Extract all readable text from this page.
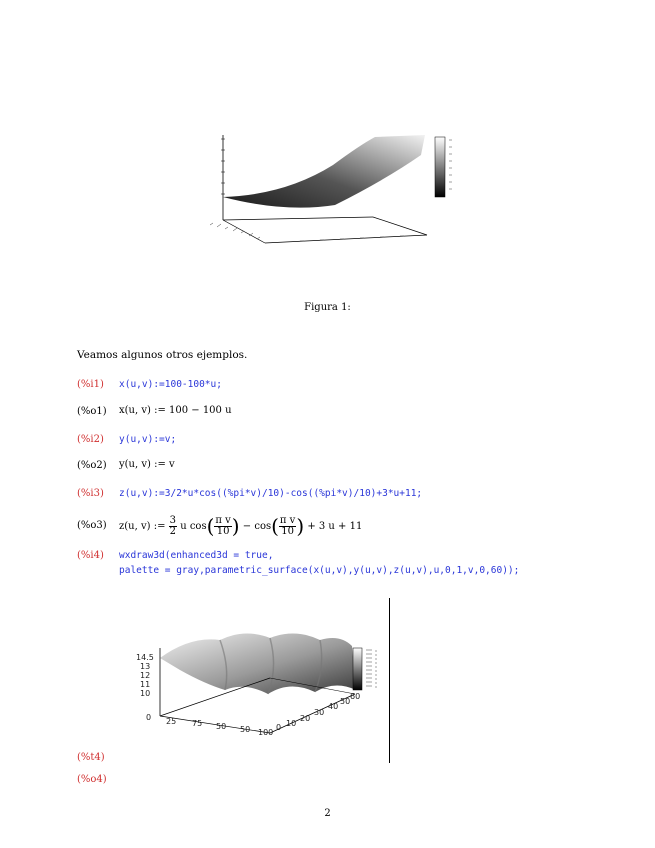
Figura 1:
Veamos algunos otros ejemplos.
(%i1) x(u,v):=100-100*u;
(%o1) x(u, v) := 100 − 100 u
(%i2) y(u,v):=v;
(%o2) y(u, v) := v
(%i3) z(u,v):=3/2*u*cos((%pi*v)/10)-cos((%pi*v)/10)+3*u+11;
(%o3) z(u, v) :=
$\frac{3}{2}$
u cos ( $\frac{\text{π v}}{10}$ )
− cos ( $\frac{\text{π v}}{10}$ )
+ 3 u + 11
(%i4) wxdraw3d(enhanced3d = true,
palette = gray,parametric_surface(x(u,v),y(u,v),z(u,v),u,0,1,v,0,60));
14.5
13
12
11
10
0 25 75 50 50 100
0 10
20
30
40
50
60
(%t4)
(%o4)
2
